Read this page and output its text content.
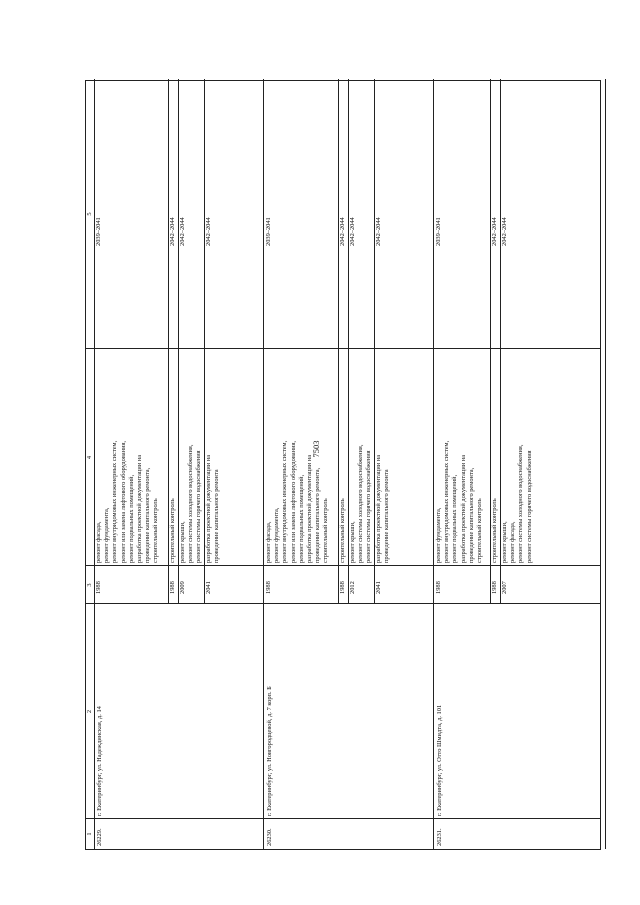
7503
1
2
3
4
5
26229.
г. Екатеринбург, ул. Надеждинская, д. 14
1988
ремонт фасада, ремонт фундамента, ремонт внутридомовых инженерных систем, ремонт или замена лифтового оборудования, ремонт подвальных помещений, разработка проектной документации на проведение капитального ремонта, строительный контроль
2039–2041
1988
строительный контроль
2042–2044
2009
ремонт крыши, ремонт системы холодного водоснабжения, ремонт системы горячего водоснабжения
2042–2044
2041
разработка проектной документации на проведение капитального ремонта
2042–2044
26230.
г. Екатеринбург, ул. Новгородцевой, д. 7 корп. Б
1988
ремонт фасада, ремонт фундамента, ремонт внутридомовых инженерных систем, ремонт или замена лифтового оборудования, ремонт подвальных помещений, разработка проектной документации на проведение капитального ремонта, строительный контроль
2039–2041
1988
строительный контроль
2042–2044
2012
ремонт крыши, ремонт системы холодного водоснабжения, ремонт системы горячего водоснабжения
2042–2044
2041
разработка проектной документации на проведение капитального ремонта
2042–2044
26231.
г. Екатеринбург, ул. Отто Шмидта, д. 101
1988
ремонт фундамента, ремонт внутридомовых инженерных систем, ремонт подвальных помещений, разработка проектной документации на проведение капитального ремонта, строительный контроль
2039–2041
1988
строительный контроль
2042–2044
2007
ремонт крыши, ремонт фасада, ремонт системы холодного водоснабжения, ремонт системы горячего водоснабжения
2042–2044
